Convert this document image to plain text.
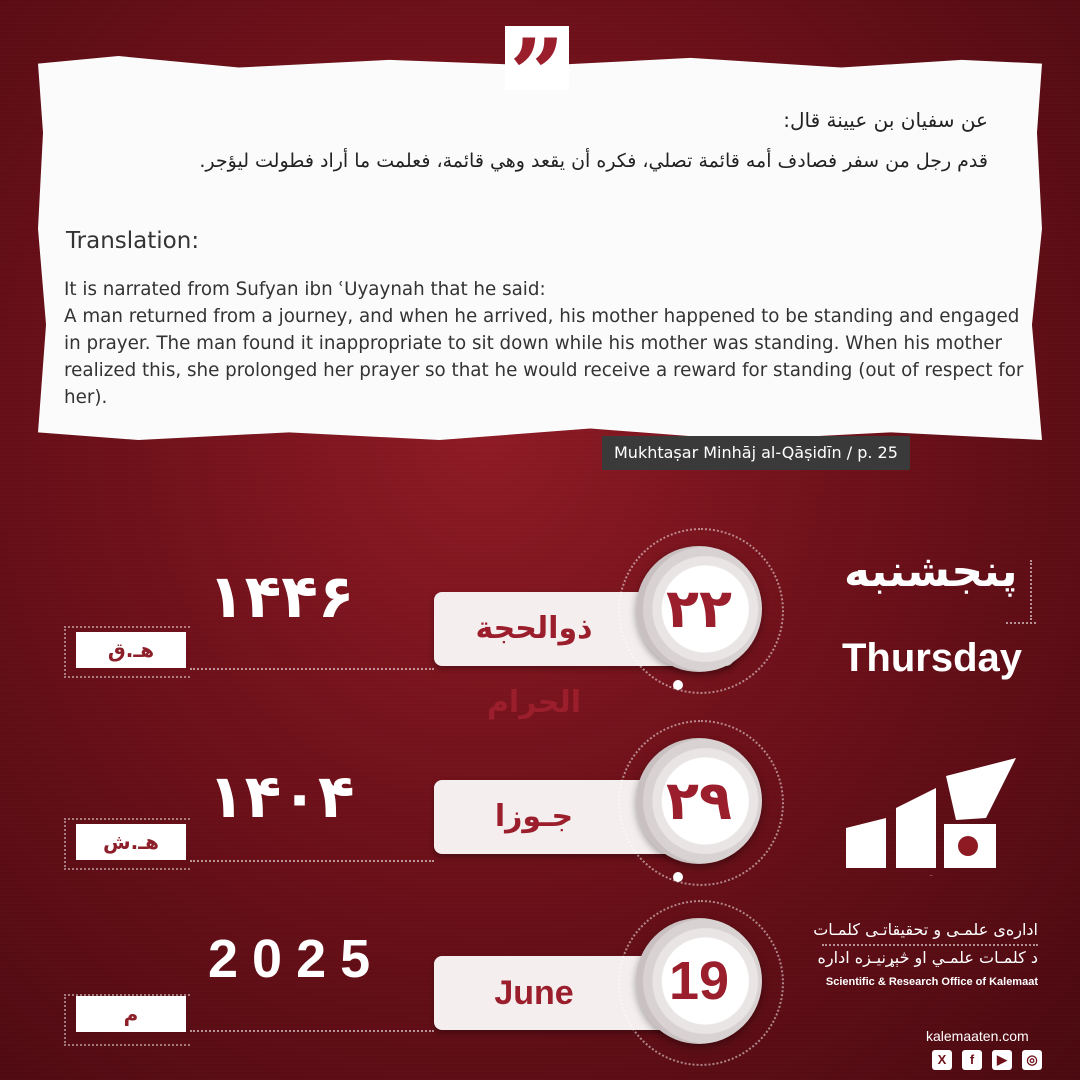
”	عن سفيان بن عيينة قال:
قدم رجل من سفر فصادف أمه قائمة تصلي، فكره أن يقعد وهي قائمة، فعلمت ما أراد فطولت ليؤجر.
Translation:
It is narrated from Sufyan ibn ʿUyaynah that he said:
A man returned from a journey, and when he arrived, his mother happened to be standing and engaged in prayer. The man found it inappropriate to sit down while his mother was standing. When his mother realized this, she prolonged her prayer so that he would receive a reward for standing (out of respect for her).
Mukhtaṣar Minhāj al-Qāṣidīn / p. 25
۱۴۴۶
هـ.ق
ذوالحجة الحرام
۲۲
۱۴۰۴
هـ.ش
جـوزا	۲۹
2025
م
June	19
پنجشنبه
Thursday
کلمات
اداره‌ی علمـی و تحقیقاتـی کلمـات
د کلمـات علمـي او څېړنیـزه اداره
Scientific & Research Office of Kalemaat
kalemaaten.com
X	f	▶	◎
